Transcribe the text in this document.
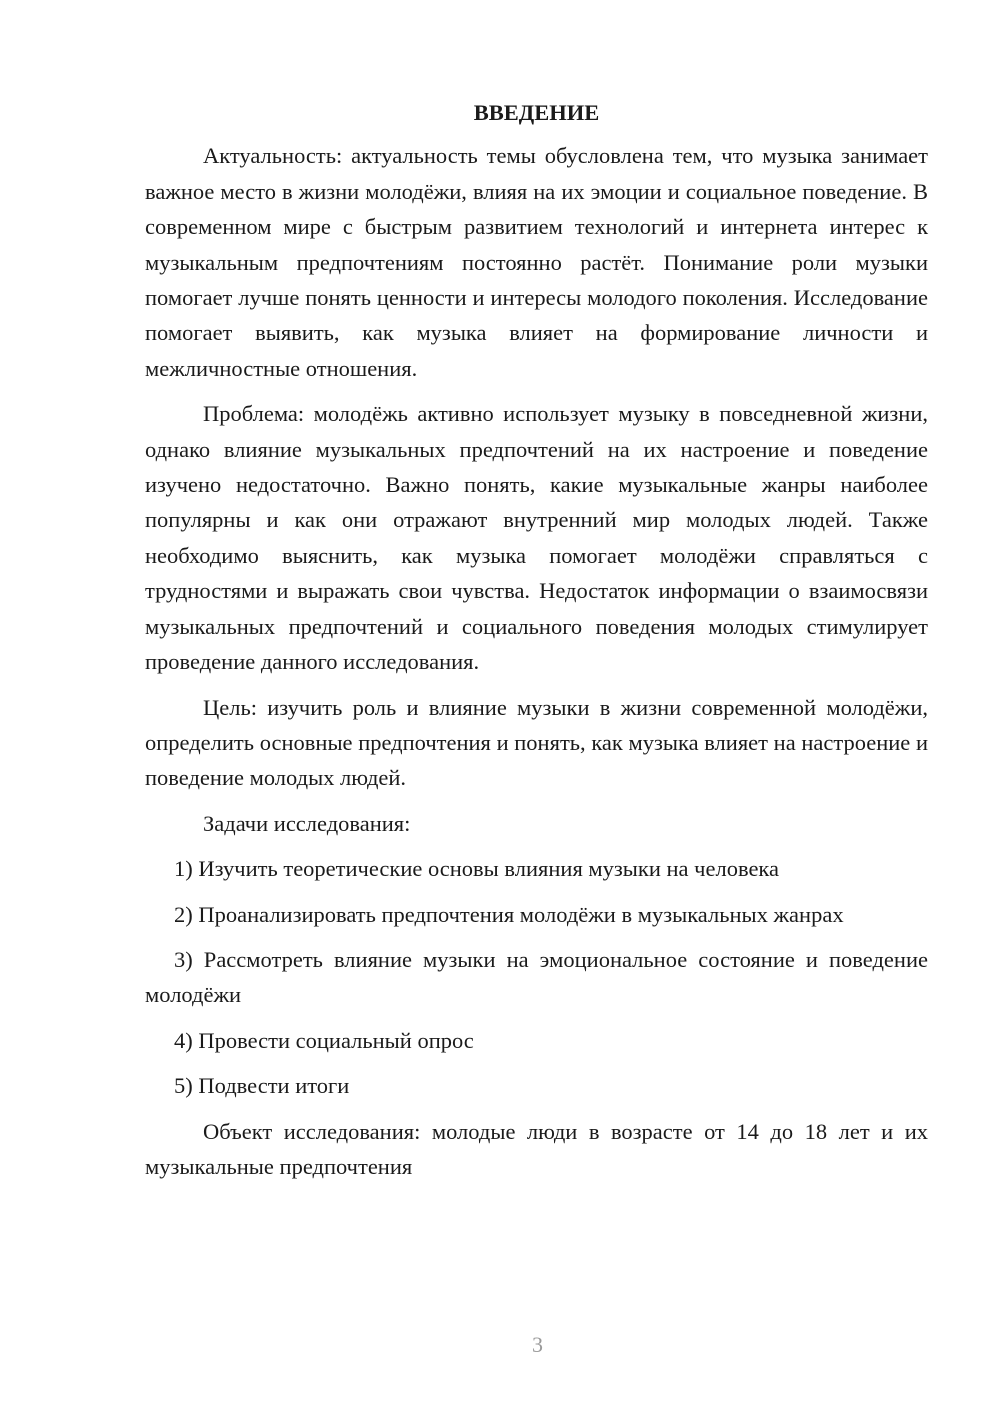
ВВЕДЕНИЕ

Актуальность: актуальность темы обусловлена тем, что музыка занимает важное место в жизни молодёжи, влияя на их эмоции и социальное поведение. В современном мире с быстрым развитием технологий и интернета интерес к музыкальным предпочтениям постоянно растёт. Понимание роли музыки помогает лучше понять ценности и интересы молодого поколения. Исследование помогает выявить, как музыка влияет на формирование личности и межличностные отношения.

Проблема: молодёжь активно использует музыку в повседневной жизни, однако влияние музыкальных предпочтений на их настроение и поведение изучено недостаточно. Важно понять, какие музыкальные жанры наиболее популярны и как они отражают внутренний мир молодых людей. Также необходимо выяснить, как музыка помогает молодёжи справляться с трудностями и выражать свои чувства. Недостаток информации о взаимосвязи музыкальных предпочтений и социального поведения молодых стимулирует проведение данного исследования.

Цель: изучить роль и влияние музыки в жизни современной молодёжи, определить основные предпочтения и понять, как музыка влияет на настроение и поведение молодых людей.

Задачи исследования:

1) Изучить теоретические основы влияния музыки на человека

2) Проанализировать предпочтения молодёжи в музыкальных жанрах

3) Рассмотреть влияние музыки на эмоциональное состояние и поведение молодёжи

4) Провести социальный опрос

5) Подвести итоги

Объект исследования: молодые люди в возрасте от 14 до 18 лет и их музыкальные предпочтения

3
